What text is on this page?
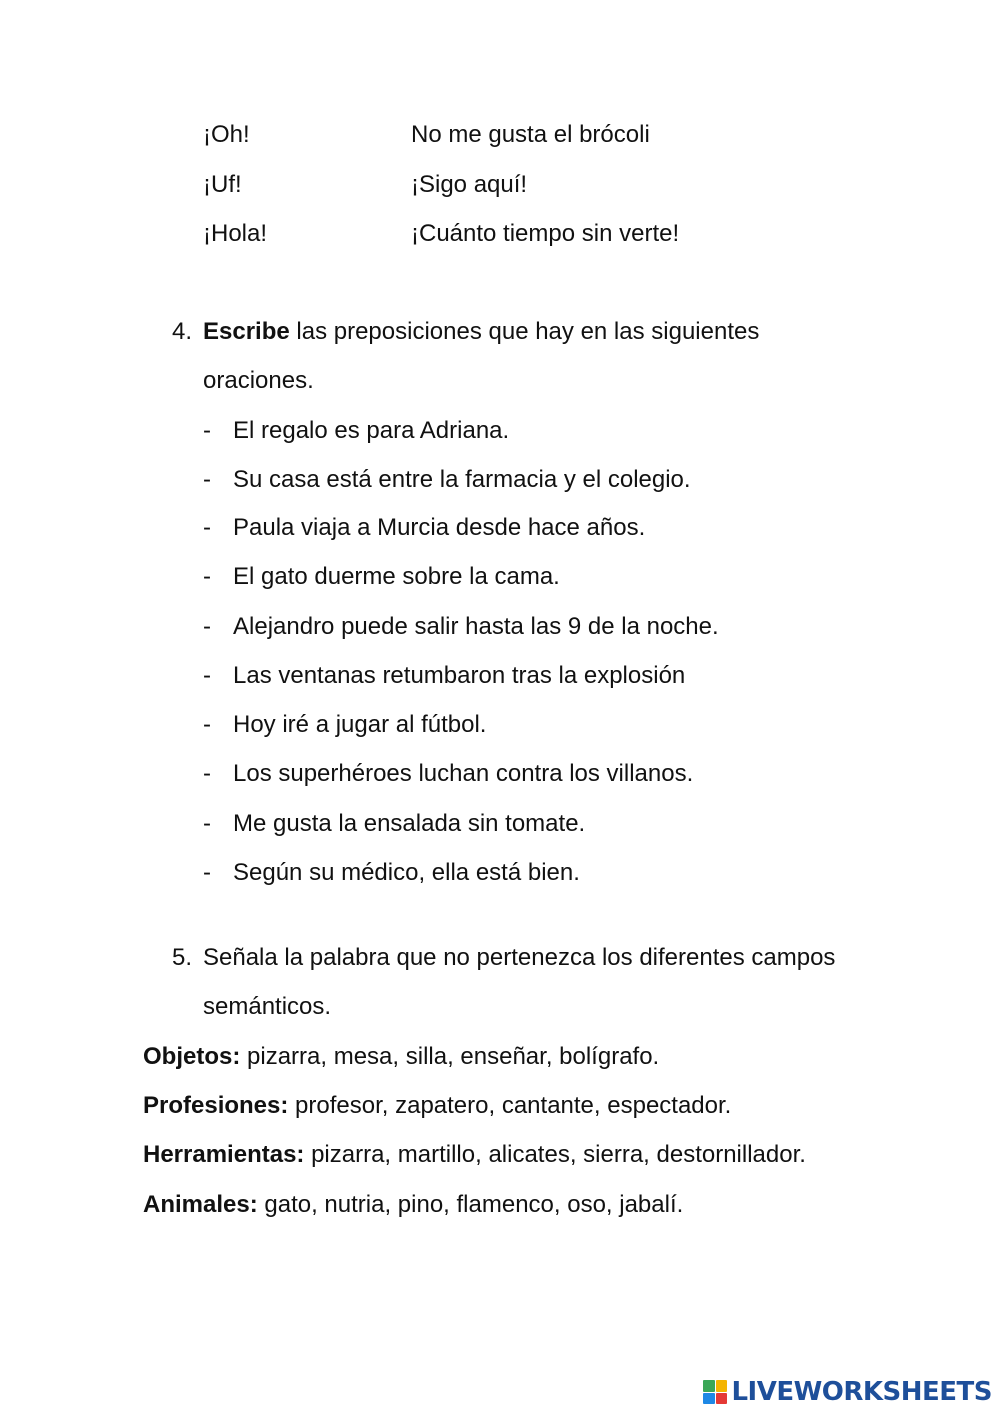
¡Oh!	No me gusta el brócoli
¡Uf!	¡Sigo aquí!
¡Hola!	¡Cuánto tiempo sin verte!
4. Escribe las preposiciones que hay en las siguientes
oraciones.
- El regalo es para Adriana.
- Su casa está entre la farmacia y el colegio.
- Paula viaja a Murcia desde hace años.
- El gato duerme sobre la cama.
- Alejandro puede salir hasta las 9 de la noche.
- Las ventanas retumbaron tras la explosión
- Hoy iré a jugar al fútbol.
- Los superhéroes luchan contra los villanos.
- Me gusta la ensalada sin tomate.
- Según su médico, ella está bien.
5. Señala la palabra que no pertenezca los diferentes campos
semánticos.
Objetos: pizarra, mesa, silla, enseñar, bolígrafo.
Profesiones: profesor, zapatero, cantante, espectador.
Herramientas: pizarra, martillo, alicates, sierra, destornillador.
Animales: gato, nutria, pino, flamenco, oso, jabalí.
LIVEWORKSHEETS
